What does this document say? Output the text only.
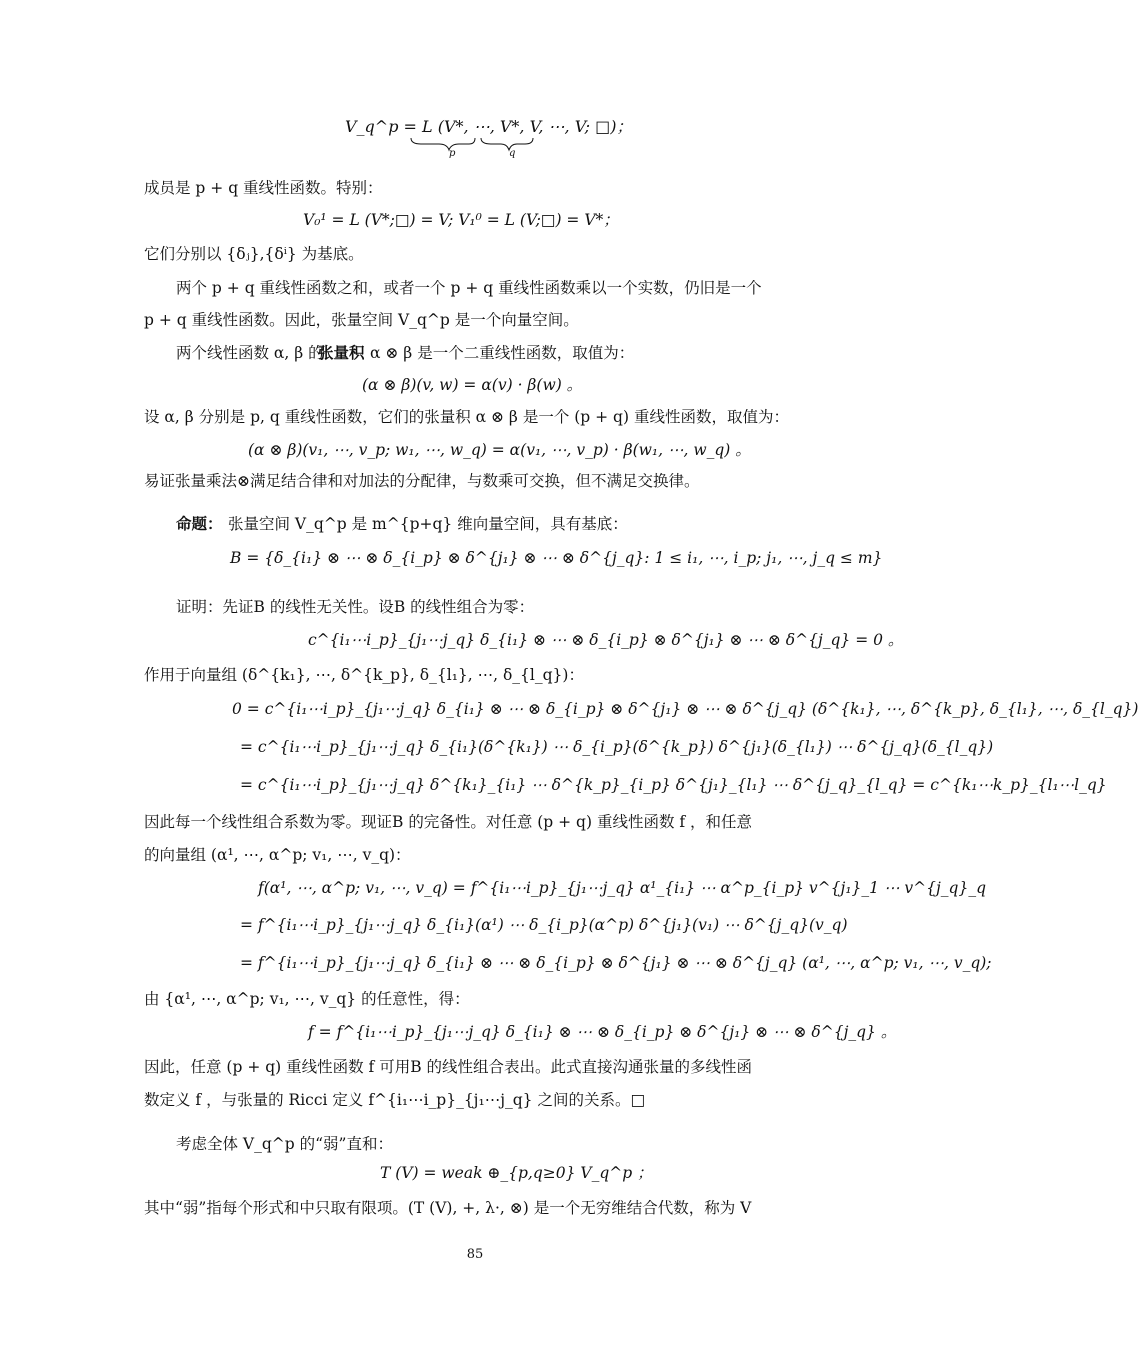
V_q^p = L (V*, ⋯, V*, V, ⋯, V; □)；
p	q
成员是 p + q 重线性函数。特别：
V₀¹ = L (V*;□) = V; V₁⁰ = L (V;□) = V*；
它们分别以 {δⱼ},{δⁱ} 为基底。
两个 p + q 重线性函数之和，或者一个 p + q 重线性函数乘以一个实数，仍旧是一个
p + q 重线性函数。因此，张量空间 V_q^p 是一个向量空间。
两个线性函数 α, β 的
张量积 α ⊗ β 是一个二重线性函数，取值为：
(α ⊗ β)(v, w) = α(v) · β(w) 。
设 α, β 分别是 p, q 重线性函数，它们的张量积 α ⊗ β 是一个 (p + q) 重线性函数，取值为：
(α ⊗ β)(v₁, ⋯, v_p; w₁, ⋯, w_q) = α(v₁, ⋯, v_p) · β(w₁, ⋯, w_q) 。
易证张量乘法⊗满足结合律和对加法的分配律，与数乘可交换，但不满足交换律。
命题： 张量空间 V_q^p 是 m^{p+q} 维向量空间，具有基底：
B = {δ_{i₁} ⊗ ⋯ ⊗ δ_{i_p} ⊗ δ^{j₁} ⊗ ⋯ ⊗ δ^{j_q}: 1 ≤ i₁, ⋯, i_p; j₁, ⋯, j_q ≤ m}
证明：先证B 的线性无关性。设B 的线性组合为零：
c^{i₁⋯i_p}_{j₁⋯j_q} δ_{i₁} ⊗ ⋯ ⊗ δ_{i_p} ⊗ δ^{j₁} ⊗ ⋯ ⊗ δ^{j_q} = 0 。
作用于向量组 (δ^{k₁}, ⋯, δ^{k_p}, δ_{l₁}, ⋯, δ_{l_q})：
0 = c^{i₁⋯i_p}_{j₁⋯j_q} δ_{i₁} ⊗ ⋯ ⊗ δ_{i_p} ⊗ δ^{j₁} ⊗ ⋯ ⊗ δ^{j_q} (δ^{k₁}, ⋯, δ^{k_p}, δ_{l₁}, ⋯, δ_{l_q})
= c^{i₁⋯i_p}_{j₁⋯j_q} δ_{i₁}(δ^{k₁}) ⋯ δ_{i_p}(δ^{k_p}) δ^{j₁}(δ_{l₁}) ⋯ δ^{j_q}(δ_{l_q})
= c^{i₁⋯i_p}_{j₁⋯j_q} δ^{k₁}_{i₁} ⋯ δ^{k_p}_{i_p} δ^{j₁}_{l₁} ⋯ δ^{j_q}_{l_q} = c^{k₁⋯k_p}_{l₁⋯l_q}
因此每一个线性组合系数为零。现证B 的完备性。对任意 (p + q) 重线性函数 f ，和任意
的向量组 (α¹, ⋯, α^p; v₁, ⋯, v_q)：
f(α¹, ⋯, α^p; v₁, ⋯, v_q) = f^{i₁⋯i_p}_{j₁⋯j_q} α¹_{i₁} ⋯ α^p_{i_p} v^{j₁}_1 ⋯ v^{j_q}_q
= f^{i₁⋯i_p}_{j₁⋯j_q} δ_{i₁}(α¹) ⋯ δ_{i_p}(α^p) δ^{j₁}(v₁) ⋯ δ^{j_q}(v_q)
= f^{i₁⋯i_p}_{j₁⋯j_q} δ_{i₁} ⊗ ⋯ ⊗ δ_{i_p} ⊗ δ^{j₁} ⊗ ⋯ ⊗ δ^{j_q} (α¹, ⋯, α^p; v₁, ⋯, v_q);
由 {α¹, ⋯, α^p; v₁, ⋯, v_q} 的任意性，得：
f = f^{i₁⋯i_p}_{j₁⋯j_q} δ_{i₁} ⊗ ⋯ ⊗ δ_{i_p} ⊗ δ^{j₁} ⊗ ⋯ ⊗ δ^{j_q} 。
因此，任意 (p + q) 重线性函数 f 可用B 的线性组合表出。此式直接沟通张量的多线性函
数定义 f ，与张量的 Ricci 定义 f^{i₁⋯i_p}_{j₁⋯j_q} 之间的关系。□
考虑全体 V_q^p 的“弱”直和：
T (V) = weak ⊕_{p,q≥0} V_q^p ；
其中“弱”指每个形式和中只取有限项。(T (V), +, λ·, ⊗) 是一个无穷维结合代数，称为 V
85
